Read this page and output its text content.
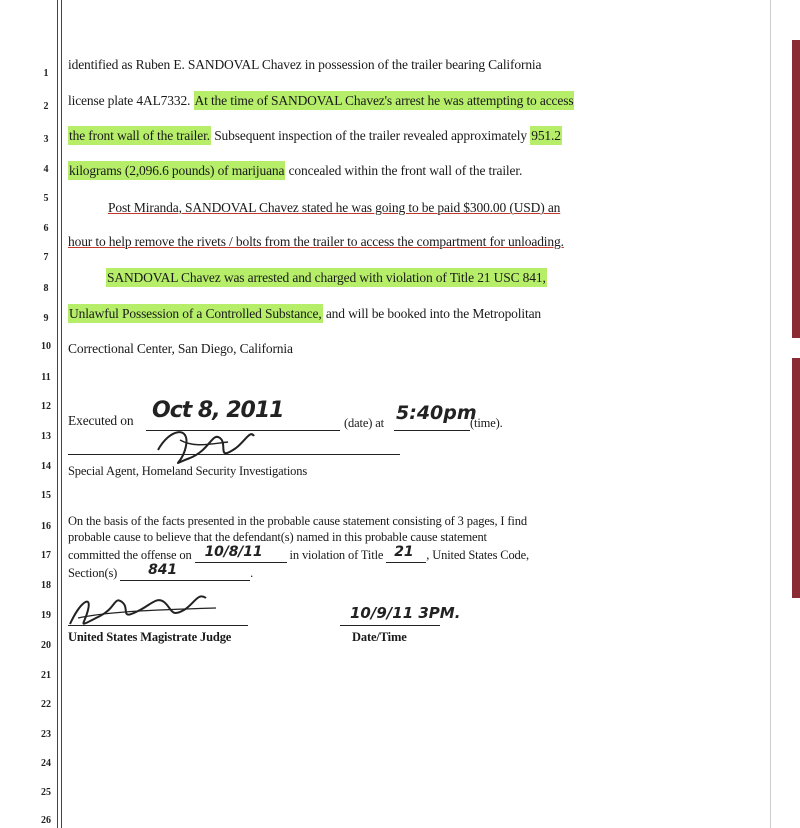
1
2
3
4
5
6
7
8
9
10
11
12
13
14
15
16
17
18
19
20
21
22
23
24
25
26
identified as Ruben E. SANDOVAL Chavez in possession of the trailer bearing California
license plate 4AL7332. At the time of SANDOVAL Chavez's arrest he was attempting to access
the front wall of the trailer. Subsequent inspection of the trailer revealed approximately 951.2
kilograms (2,096.6 pounds) of marijuana concealed within the front wall of the trailer.
Post Miranda, SANDOVAL Chavez stated he was going to be paid $300.00 (USD) an
hour to help remove the rivets / bolts from the trailer to access the compartment for unloading.
SANDOVAL Chavez was arrested and charged with violation of Title 21 USC 841,
Unlawful Possession of a Controlled Substance, and will be booked into the Metropolitan
Correctional Center, San Diego, California
Executed on Oct 8, 2011	(date) at 5:40pm
(time).
Special Agent, Homeland Security Investigations
On the basis of the facts presented in the probable cause statement consisting of 3 pages, I find
probable cause to believe that the defendant(s) named in this probable cause statement
committed the offense on 10/8/11 in violation of Title 21 , United States Code,
Section(s) 841	.
United States Magistrate Judge
10/9/11 3PM.
Date/Time
